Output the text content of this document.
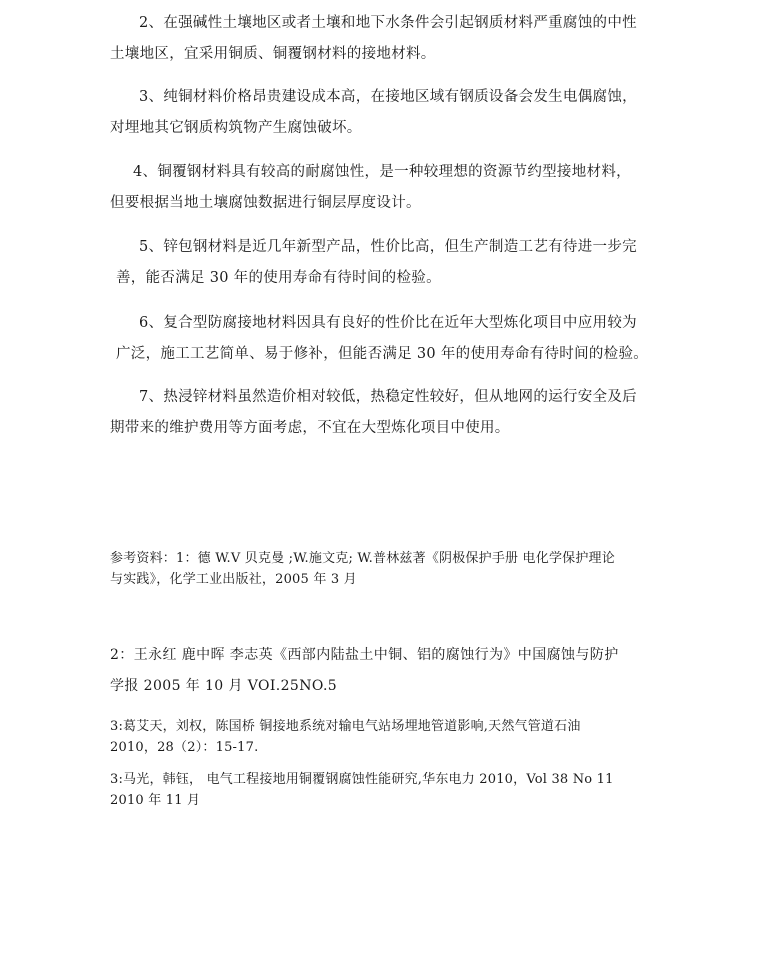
2、在强碱性土壤地区或者土壤和地下水条件会引起钢质材料严重腐蚀的中性

土壤地区，宜采用铜质、铜覆钢材料的接地材料。

3、纯铜材料价格昂贵建设成本高，在接地区域有钢质设备会发生电偶腐蚀，

对埋地其它钢质构筑物产生腐蚀破坏。

4、铜覆钢材料具有较高的耐腐蚀性，是一种较理想的资源节约型接地材料，

但要根据当地土壤腐蚀数据进行铜层厚度设计。

5、锌包钢材料是近几年新型产品，性价比高，但生产制造工艺有待进一步完

善，能否满足 30 年的使用寿命有待时间的检验。

6、复合型防腐接地材料因具有良好的性价比在近年大型炼化项目中应用较为

广泛，施工工艺简单、易于修补，但能否满足 30 年的使用寿命有待时间的检验。

7、热浸锌材料虽然造价相对较低，热稳定性较好，但从地网的运行安全及后

期带来的维护费用等方面考虑，不宜在大型炼化项目中使用。

参考资料：1：德 W.V 贝克曼 ;W.施文克; W.普林兹著《阴极保护手册 电化学保护理论
与实践》，化学工业出版社，2005 年 3 月

2：王永红 鹿中晖 李志英《西部内陆盐土中铜、铝的腐蚀行为》中国腐蚀与防护
学报 2005 年 10 月 VOI.25NO.5

3:葛艾天，刘权，陈国桥 铜接地系统对输电气站场埋地管道影响,天然气管道石油
2010，28（2）：15-17.

3:马光，韩钰， 电气工程接地用铜覆钢腐蚀性能研究,华东电力 2010，Vol 38 No 11
2010 年 11 月
